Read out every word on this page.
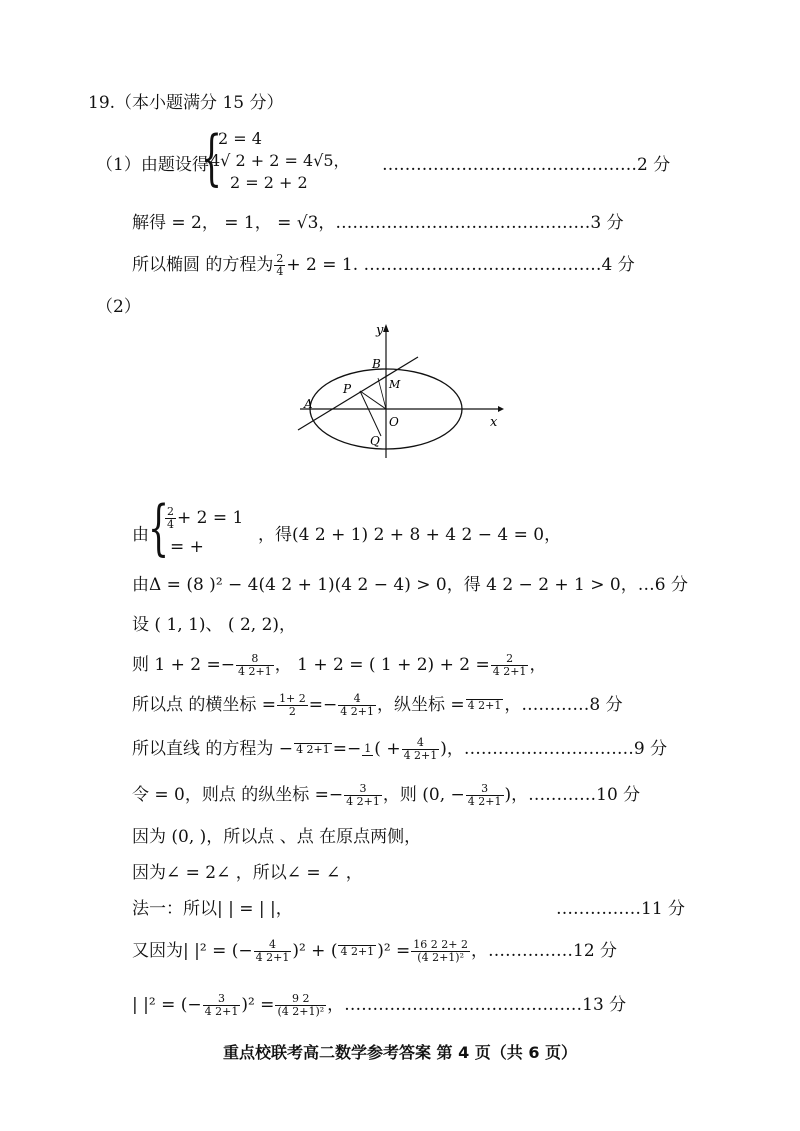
19.（本小题满分 15 分）
（1）由题设得
{
2 = 4
4√ 2 + 2 = 4√5，
2 = 2 + 2
………………………………………2 分
解得 = 2， = 1， = √3，………………………………………3 分
所以椭圆 的方程为 $\frac{2}{4} + 2 = 1$. ……………………………………4 分
（2）
y
x
B
M
P
A
O
Q
由 {
$\frac{2}{4} + 2 = 1$
= +
，得(4 2 + 1) 2 + 8 + 4 2 − 4 = 0，
由Δ = (8 )² − 4(4 2 + 1)(4 2 − 4) > 0，得 4 2 − 2 + 1 > 0，…6 分
设 ( 1, 1)、 ( 2, 2)，
则 $1 + 2 =- \frac{8}{4 2+1}$ ， 1 + 2 = ( $1 + 2) + 2 = \frac{2}{4 2+1}$ ，
所以点 的横坐标 = $\frac{1+ 2}{2} =- \frac{4}{4 2+1}$ ，纵坐标 = 4 2+1 ，…………8 分
所以直线 的方程为 − 4 2+1 =− 1 ( + $\frac{4}{4 2+1}$ )，…………………………9 分
令 = 0，则点 的纵坐标 =− $\frac{3}{4 2+1}$ ，则 (0, − $\frac{3}{4 2+1}$ )，…………10 分
因为 (0, )，所以点 、点 在原点两侧，
因为∠ = 2∠ ，所以∠ = ∠ ，
法一：所以| | = | |，	……………11 分
又因为| |² = (− $\frac{4}{4 2+1} )^2$ + ( 4 2+1 )$^2 = \frac{16 2 2+ 2}{\text{(4 2+1)²}}$ ，……………12 分
| |² = (− $\frac{3}{4 2+1} )^2 = \frac{9 2}{\text{(4 2+1)²}}$ ，……………………………………13 分
重点校联考高二数学参考答案 第 4 页（共 6 页）
